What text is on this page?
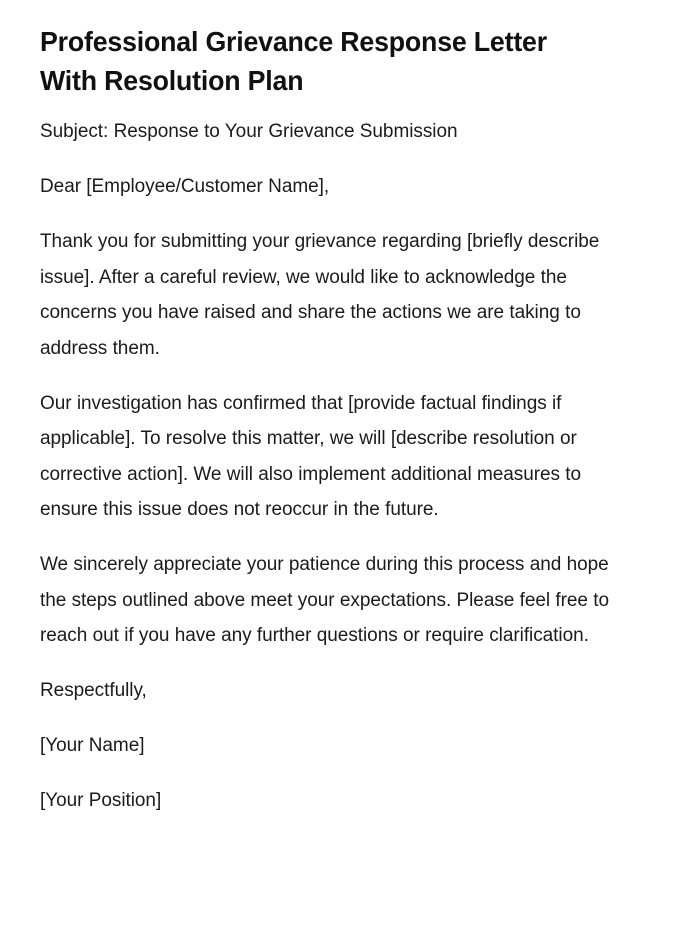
Professional Grievance Response Letter With Resolution Plan

Subject: Response to Your Grievance Submission

Dear [Employee/Customer Name],

Thank you for submitting your grievance regarding [briefly describe issue]. After a careful review, we would like to acknowledge the concerns you have raised and share the actions we are taking to address them.

Our investigation has confirmed that [provide factual findings if applicable]. To resolve this matter, we will [describe resolution or corrective action]. We will also implement additional measures to ensure this issue does not reoccur in the future.

We sincerely appreciate your patience during this process and hope the steps outlined above meet your expectations. Please feel free to reach out if you have any further questions or require clarification.

Respectfully,

[Your Name]

[Your Position]
